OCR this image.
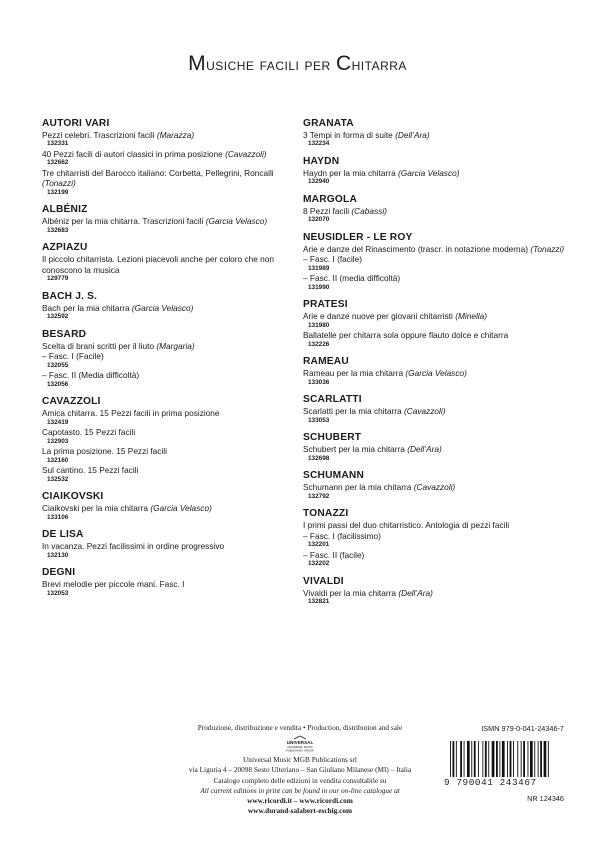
Musiche facili per Chitarra
AUTORI VARI
Pezzi celebri. Trascrizioni facili (Marazza)
132331
40 Pezzi facili di autori classici in prima posizione (Cavazzoli)
132662
Tre chitarristi del Barocco italiano: Corbetta, Pellegrini, Roncalli (Tonazzi)
132199
ALBÉNIZ
Albéniz per la mia chitarra. Trascrizioni facili (Garcia Velasco)
132683
AZPIAZU
Il piccolo chitarrista. Lezioni piacevoli anche per coloro che non conoscono la musica
129779
BACH J. S.
Bach per la mia chitarra (Garcia Velasco)
132592
BESARD
Scelta di brani scritti per il liuto (Margaria)
– Fasc. I (Facile)
132055
– Fasc. II (Media difficoltà)
132056
CAVAZZOLI
Amica chitarra. 15 Pezzi facili in prima posizione
132419
Capotasto. 15 Pezzi facili
132903
La prima posizione. 15 Pezzi facili
132160
Sul cantino. 15 Pezzi facili
132532
CIAIKOVSKI
Ciaikovski per la mia chitarra (Garcia Velasco)
133106
DE LISA
In vacanza. Pezzi facilissimi in ordine progressivo
132130
DEGNI
Brevi melodie per piccole mani. Fasc. I
132053
GRANATA
3 Tempi in forma di suite (Dell’Ara)
132234
HAYDN
Haydn per la mia chitarra (Garcia Velasco)
132940
MARGOLA
8 Pezzi facili (Cabassi)
132070
NEUSIDLER - LE ROY
Arie e danze del Rinascimento (trascr. in notazione moderna) (Tonazzi)
– Fasc. I (facile)
131989
– Fasc. II (media difficoltà)
131990
PRATESI
Arie e danze nuove per giovani chitarristi (Minella)
131980
Ballatelle per chitarra sola oppure flauto dolce e chitarra
132226
RAMEAU
Rameau per la mia chitarra (Garcia Velasco)
133036
SCARLATTI
Scarlatti per la mia chitarra (Cavazzoli)
133053
SCHUBERT
Schubert per la mia chitarra (Dell’Ara)
132698
SCHUMANN
Schumann per la mia chitarra (Cavazzoli)
132792
TONAZZI
I primi passi del duo chitarristico. Antologia di pezzi facili
– Fasc. I (facilissimo)
132201
– Fasc. II (facile)
132202
VIVALDI
Vivaldi per la mia chitarra (Dell’Ara)
132821
Produzione, distribuzione e vendita • Production, distribution and sale
UNIVERSAL
UNIVERSAL MUSIC
PUBLISHING GROUP
Universal Music MGB Publications srl
via Liguria 4 – 20098 Sesto Ulteriano – San Giuliano Milanese (MI) – Italia
Catalogo completo delle edizioni in vendita consultabile su
All current editions in print can be found in our on-line catalogue at
www.ricordi.it – www.ricordi.com
www.durand-salabert-eschig.com
ISMN 979-0-041-24346-7
9 790041 243467
NR 124346
